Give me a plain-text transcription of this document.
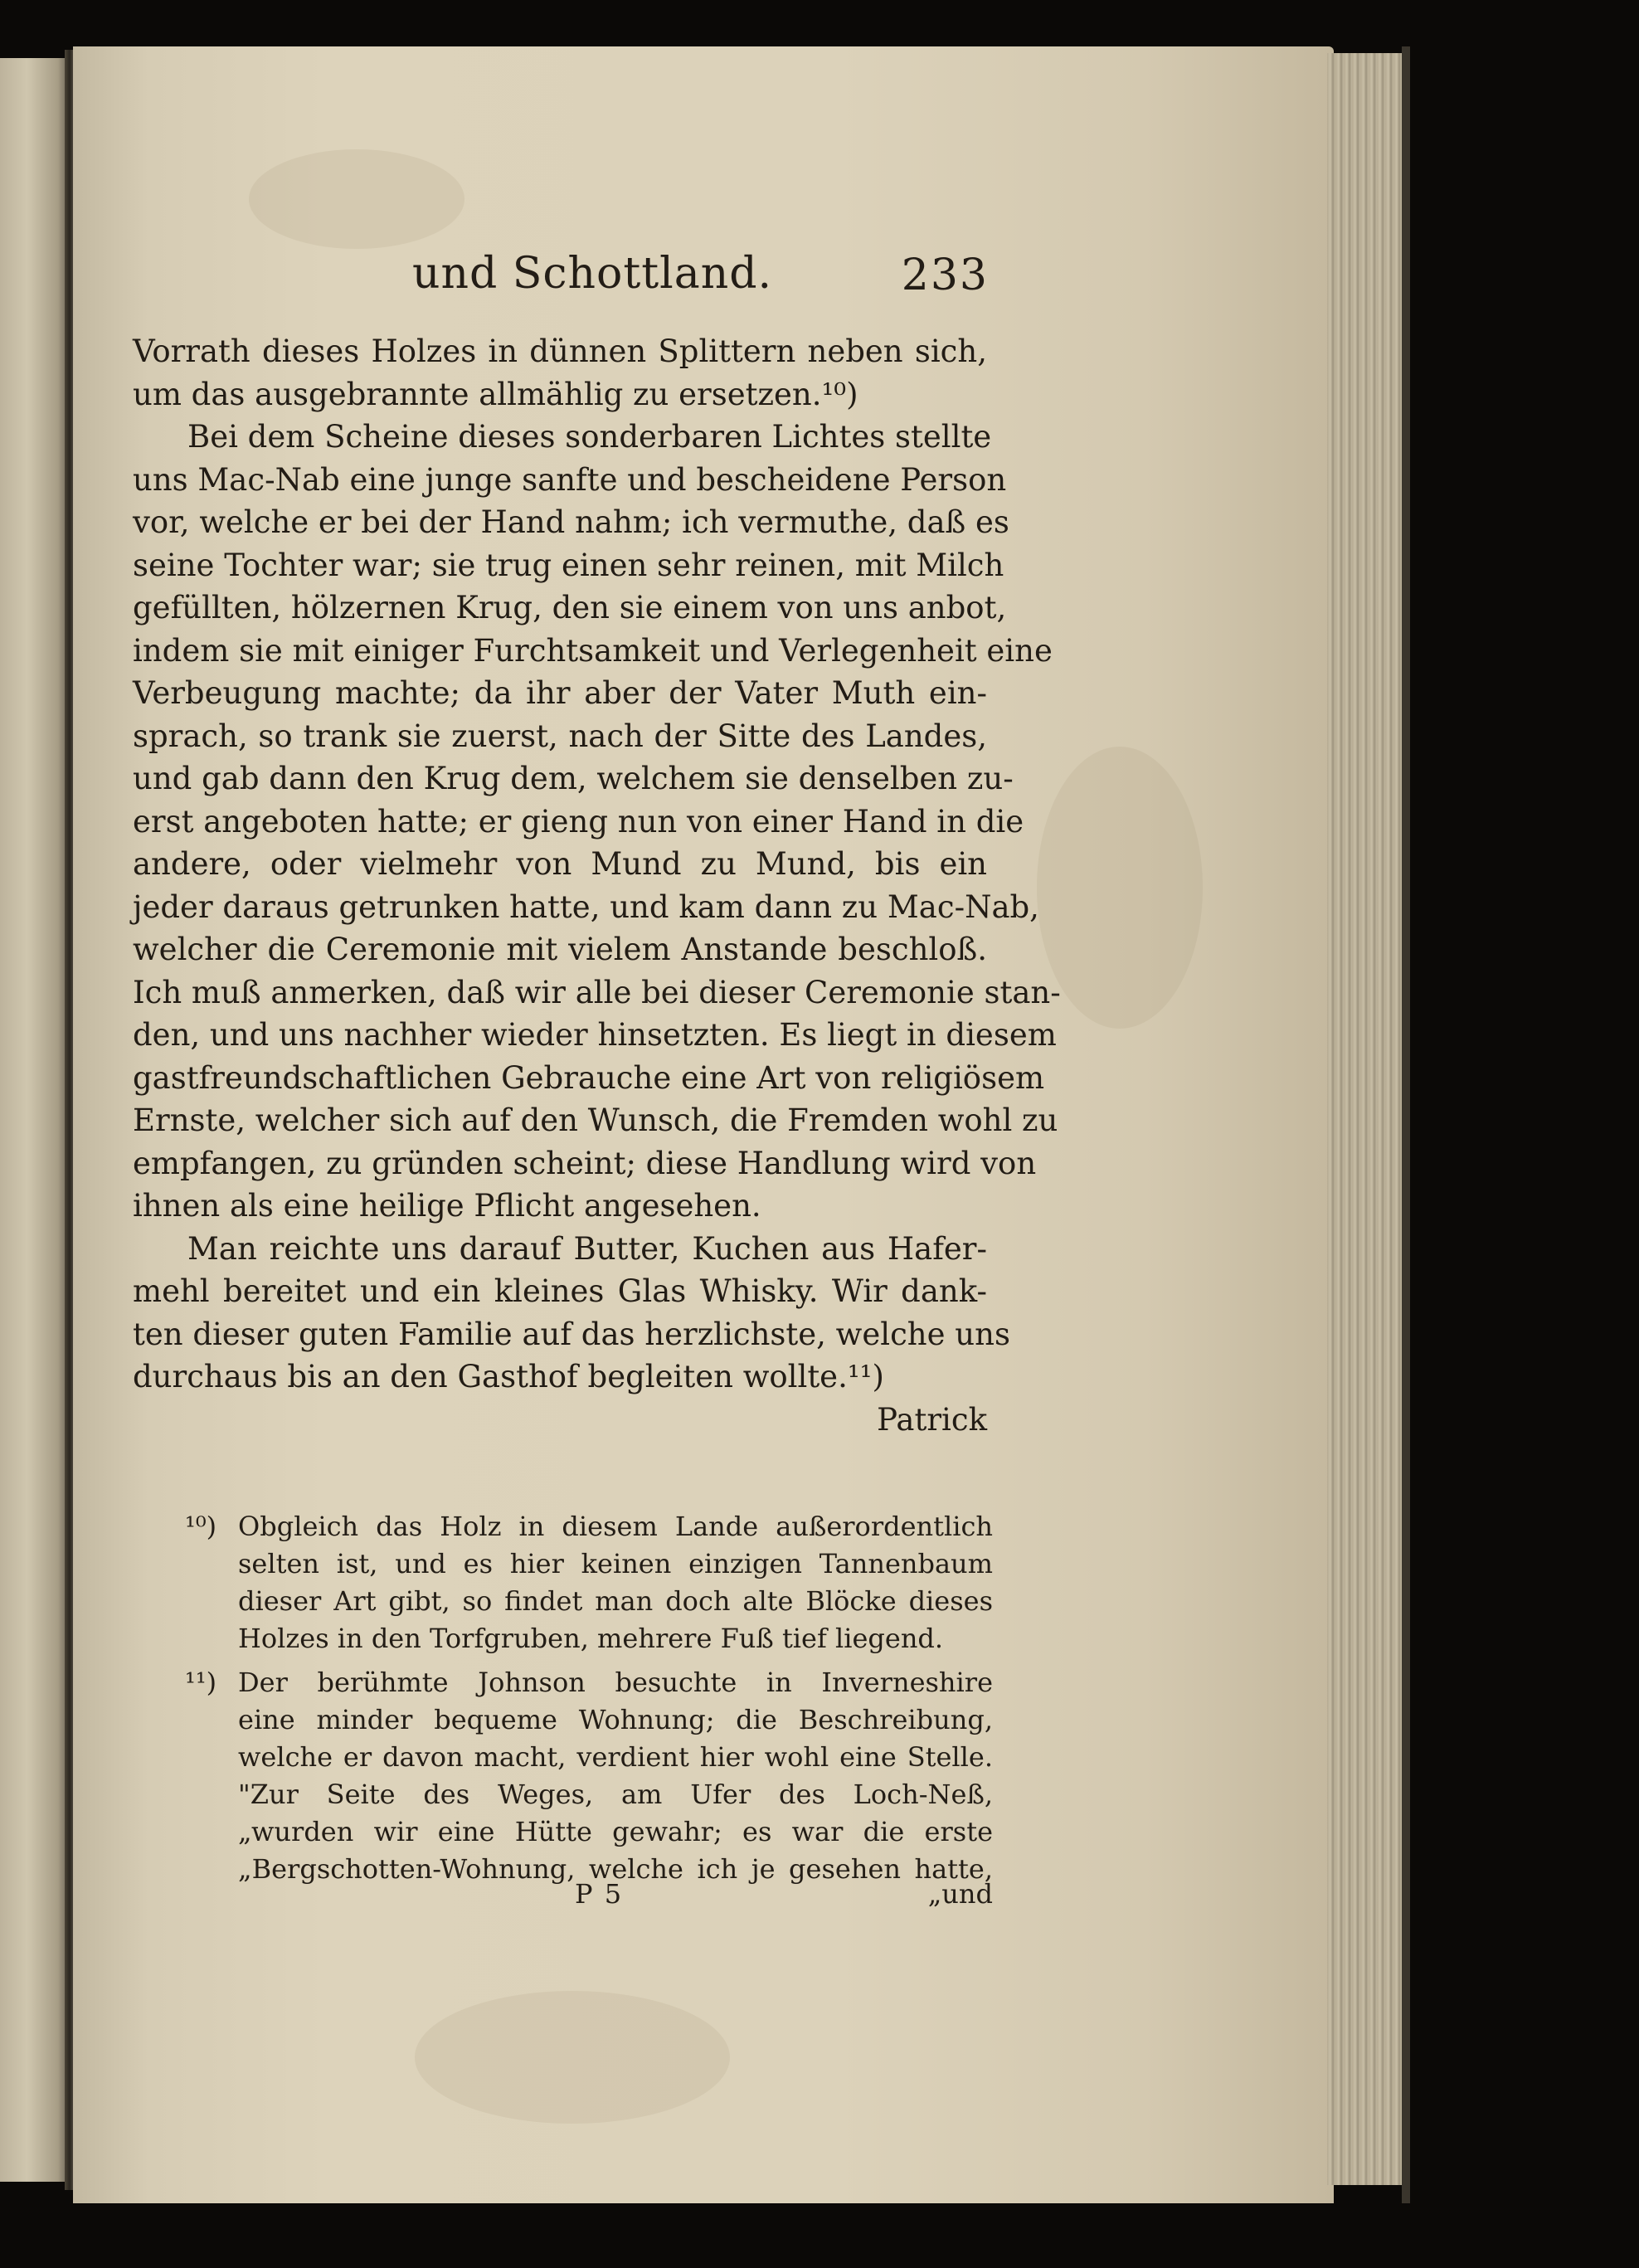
und Schottland.	233
Vorrath dieses Holzes in dünnen Splittern neben sich,
um das ausgebrannte allmählig zu ersetzen.¹⁰)
Bei dem Scheine dieses sonderbaren Lichtes stellte
uns Mac-Nab eine junge sanfte und bescheidene Person
vor, welche er bei der Hand nahm; ich vermuthe, daß es
seine Tochter war; sie trug einen sehr reinen, mit Milch
gefüllten, hölzernen Krug, den sie einem von uns anbot,
indem sie mit einiger Furchtsamkeit und Verlegenheit eine
Verbeugung machte; da ihr aber der Vater Muth ein-
sprach, so trank sie zuerst, nach der Sitte des Landes,
und gab dann den Krug dem, welchem sie denselben zu-
erst angeboten hatte; er gieng nun von einer Hand in die
andere, oder vielmehr von Mund zu Mund, bis ein
jeder daraus getrunken hatte, und kam dann zu Mac-Nab,
welcher die Ceremonie mit vielem Anstande beschloß.
Ich muß anmerken, daß wir alle bei dieser Ceremonie stan-
den, und uns nachher wieder hinsetzten. Es liegt in diesem
gastfreundschaftlichen Gebrauche eine Art von religiösem
Ernste, welcher sich auf den Wunsch, die Fremden wohl zu
empfangen, zu gründen scheint; diese Handlung wird von
ihnen als eine heilige Pflicht angesehen.
Man reichte uns darauf Butter, Kuchen aus Hafer-
mehl bereitet und ein kleines Glas Whisky. Wir dank-
ten dieser guten Familie auf das herzlichste, welche uns
durchaus bis an den Gasthof begleiten wollte.¹¹)
Patrick
¹⁰) Obgleich das Holz in diesem Lande außerordentlich
selten ist, und es hier keinen einzigen Tannenbaum
dieser Art gibt, so findet man doch alte Blöcke dieses
Holzes in den Torfgruben, mehrere Fuß tief liegend.
¹¹) Der berühmte Johnson besuchte in Inverneshire
eine minder bequeme Wohnung; die Beschreibung,
welche er davon macht, verdient hier wohl eine Stelle.
"Zur Seite des Weges, am Ufer des Loch-Neß,
„wurden wir eine Hütte gewahr; es war die erste
„Bergschotten-Wohnung, welche ich je gesehen hatte,
P 5	„und
